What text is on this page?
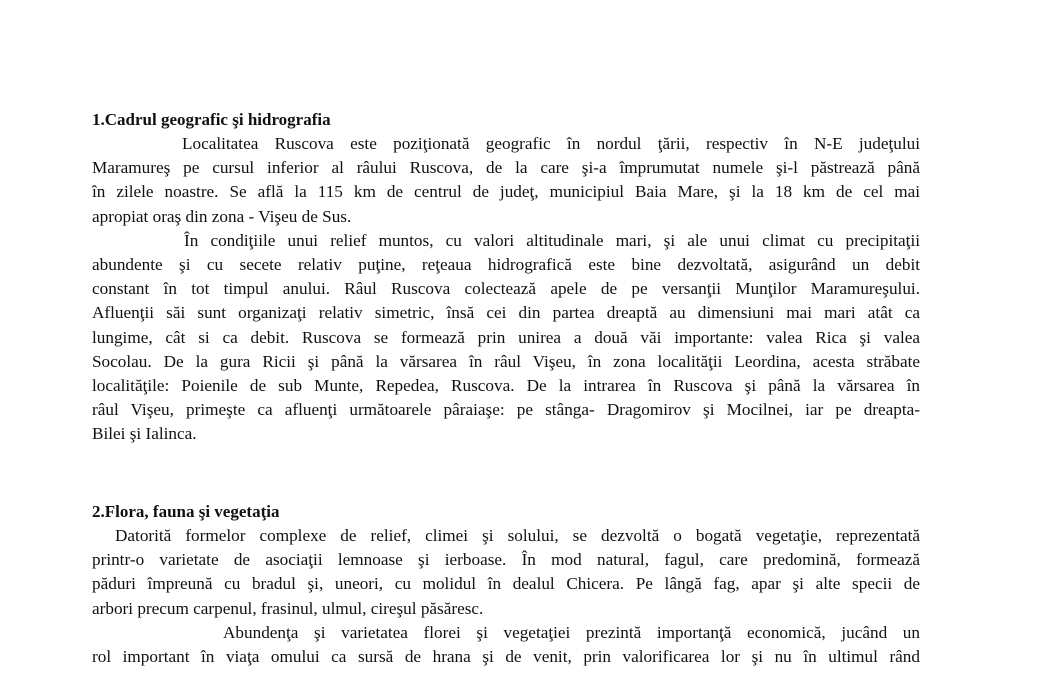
1.Cadrul geografic şi hidrografia
Localitatea Ruscova este poziţionată geografic în nordul ţării, respectiv în N-E judeţului
Maramureş pe cursul inferior al râului Ruscova, de la care şi-a împrumutat numele şi-l păstrează până
în zilele noastre. Se află la 115 km de centrul de judeţ, municipiul Baia Mare, şi la 18 km de cel mai
apropiat oraş din zona - Vişeu de Sus.
În condiţiile unui relief muntos, cu valori altitudinale mari, şi ale unui climat cu precipitaţii
abundente şi cu secete relativ puţine, reţeaua hidrografică este bine dezvoltată, asigurând un debit
constant în tot timpul anului. Râul Ruscova colectează apele de pe versanţii Munţilor Maramureşului.
Afluenţii săi sunt organizaţi relativ simetric, însă cei din partea dreaptă au dimensiuni mai mari atât ca
lungime, cât si ca debit. Ruscova se formează prin unirea a două văi importante: valea Rica şi valea
Socolau. De la gura Ricii şi până la vărsarea în râul Vişeu, în zona localităţii Leordina, acesta străbate
localităţile: Poienile de sub Munte, Repedea, Ruscova. De la intrarea în Ruscova şi până la vărsarea în
râul Vişeu, primeşte ca afluenţi următoarele pâraiaşe: pe stânga- Dragomirov şi Mocilnei, iar pe dreapta-
Bilei şi Ialinca.
2.Flora, fauna şi vegetaţia
Datorită formelor complexe de relief, climei şi solului, se dezvoltă o bogată vegetaţie, reprezentată
printr-o varietate de asociaţii lemnoase şi ierboase. În mod natural, fagul, care predomină, formează
păduri împreună cu bradul şi, uneori, cu molidul în dealul Chicera. Pe lângă fag, apar şi alte specii de
arbori precum carpenul, frasinul, ulmul, cireşul păsăresc.
Abundenţa şi varietatea florei şi vegetaţiei prezintă importanţă economică, jucând un
rol important în viaţa omului ca sursă de hrana şi de venit, prin valorificarea lor şi nu în ultimul rând
